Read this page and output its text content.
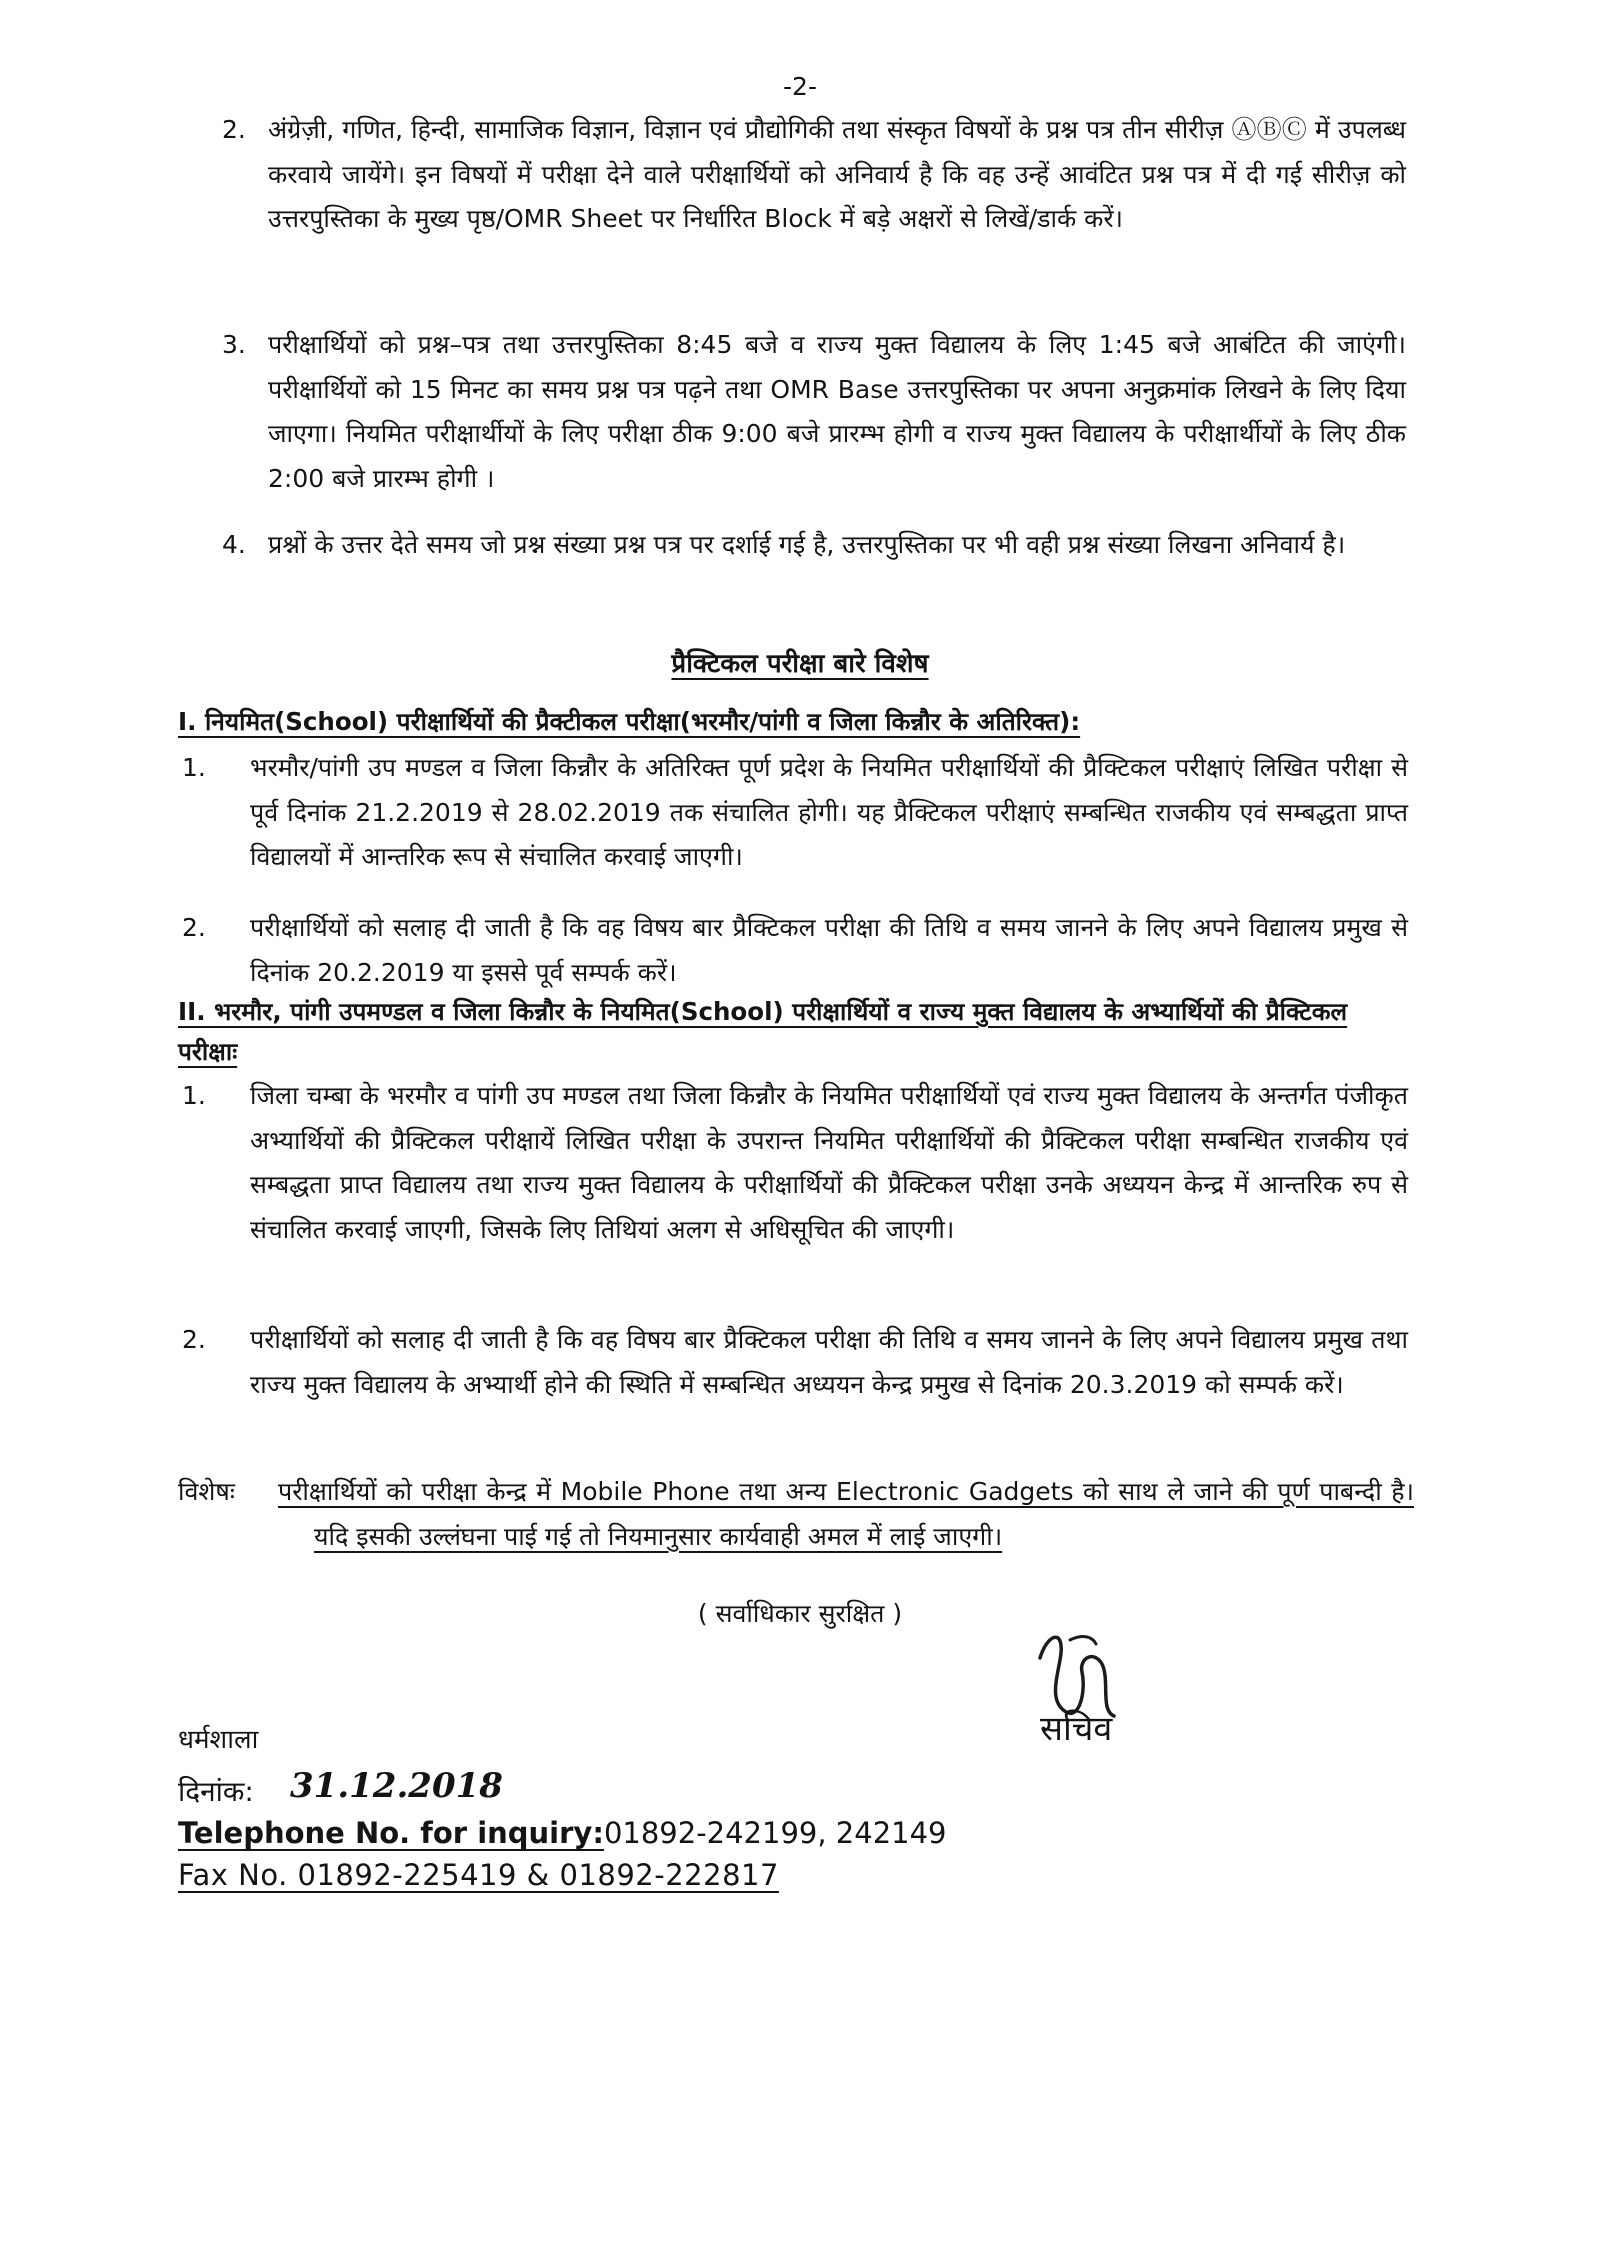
-2-
2. अंग्रेज़ी, गणित, हिन्दी, सामाजिक विज्ञान, विज्ञान एवं प्रौद्योगिकी तथा संस्कृत विषयों के प्रश्न पत्र तीन सीरीज़ ⒶⒷⒸ में उपलब्ध करवाये जायेंगे। इन विषयों में परीक्षा देने वाले परीक्षार्थियों को अनिवार्य है कि वह उन्हें आवंटित प्रश्न पत्र में दी गई सीरीज़ को उत्तरपुस्तिका के मुख्य पृष्ठ/OMR Sheet पर निर्धारित Block में बड़े अक्षरों से लिखें/डार्क करें।
3. परीक्षार्थियों को प्रश्न–पत्र तथा उत्तरपुस्तिका 8:45 बजे व राज्य मुक्त विद्यालय के लिए 1:45 बजे आबंटित की जाएंगी। परीक्षार्थियों को 15 मिनट का समय प्रश्न पत्र पढ़ने तथा OMR Base उत्तरपुस्तिका पर अपना अनुक्रमांक लिखने के लिए दिया जाएगा। नियमित परीक्षार्थीयों के लिए परीक्षा ठीक 9:00 बजे प्रारम्भ होगी व राज्य मुक्त विद्यालय के परीक्षार्थीयों के लिए ठीक 2:00 बजे प्रारम्भ होगी ।
4. प्रश्नों के उत्तर देते समय जो प्रश्न संख्या प्रश्न पत्र पर दर्शाई गई है, उत्तरपुस्तिका पर भी वही प्रश्न संख्या लिखना अनिवार्य है।
प्रैक्टिकल परीक्षा बारे विशेष
I. नियमित(School) परीक्षार्थियों की प्रैक्टीकल परीक्षा(भरमौर/पांगी व जिला किन्नौर के अतिरिक्त):
1. भरमौर/पांगी उप मण्डल व जिला किन्नौर के अतिरिक्त पूर्ण प्रदेश के नियमित परीक्षार्थियों की प्रैक्टिकल परीक्षाएं लिखित परीक्षा से पूर्व दिनांक 21.2.2019 से 28.02.2019 तक संचालित होगी। यह प्रैक्टिकल परीक्षाएं सम्बन्धित राजकीय एवं सम्बद्धता प्राप्त विद्यालयों में आन्तरिक रूप से संचालित करवाई जाएगी।
2. परीक्षार्थियों को सलाह दी जाती है कि वह विषय बार प्रैक्टिकल परीक्षा की तिथि व समय जानने के लिए अपने विद्यालय प्रमुख से दिनांक 20.2.2019 या इससे पूर्व सम्पर्क करें।
II. भरमौर, पांगी उपमण्डल व जिला किन्नौर के नियमित(School) परीक्षार्थियों व राज्य मुक्त विद्यालय के अभ्यार्थियों की प्रैक्टिकल परीक्षाः
1. जिला चम्बा के भरमौर व पांगी उप मण्डल तथा जिला किन्नौर के नियमित परीक्षार्थियों एवं राज्य मुक्त विद्यालय के अन्तर्गत पंजीकृत अभ्यार्थियों की प्रैक्टिकल परीक्षायें लिखित परीक्षा के उपरान्त नियमित परीक्षार्थियों की प्रैक्टिकल परीक्षा सम्बन्धित राजकीय एवं सम्बद्धता प्राप्त विद्यालय तथा राज्य मुक्त विद्यालय के परीक्षार्थियों की प्रैक्टिकल परीक्षा उनके अध्ययन केन्द्र में आन्तरिक रुप से संचालित करवाई जाएगी, जिसके लिए तिथियां अलग से अधिसूचित की जाएगी।
2. परीक्षार्थियों को सलाह दी जाती है कि वह विषय बार प्रैक्टिकल परीक्षा की तिथि व समय जानने के लिए अपने विद्यालय प्रमुख तथा राज्य मुक्त विद्यालय के अभ्यार्थी होने की स्थिति में सम्बन्धित अध्ययन केन्द्र प्रमुख से दिनांक 20.3.2019 को सम्पर्क करें।
विशेषः परीक्षार्थियों को परीक्षा केन्द्र में Mobile Phone तथा अन्य Electronic Gadgets को साथ ले जाने की पूर्ण पाबन्दी है। यदि इसकी उल्लंघना पाई गई तो नियमानुसार कार्यवाही अमल में लाई जाएगी।
( सर्वाधिकार सुरक्षित )
सचिव
धर्मशाला
दिनांक: 31.12.2018
Telephone No. for inquiry:01892-242199, 242149
Fax No. 01892-225419 & 01892-222817
